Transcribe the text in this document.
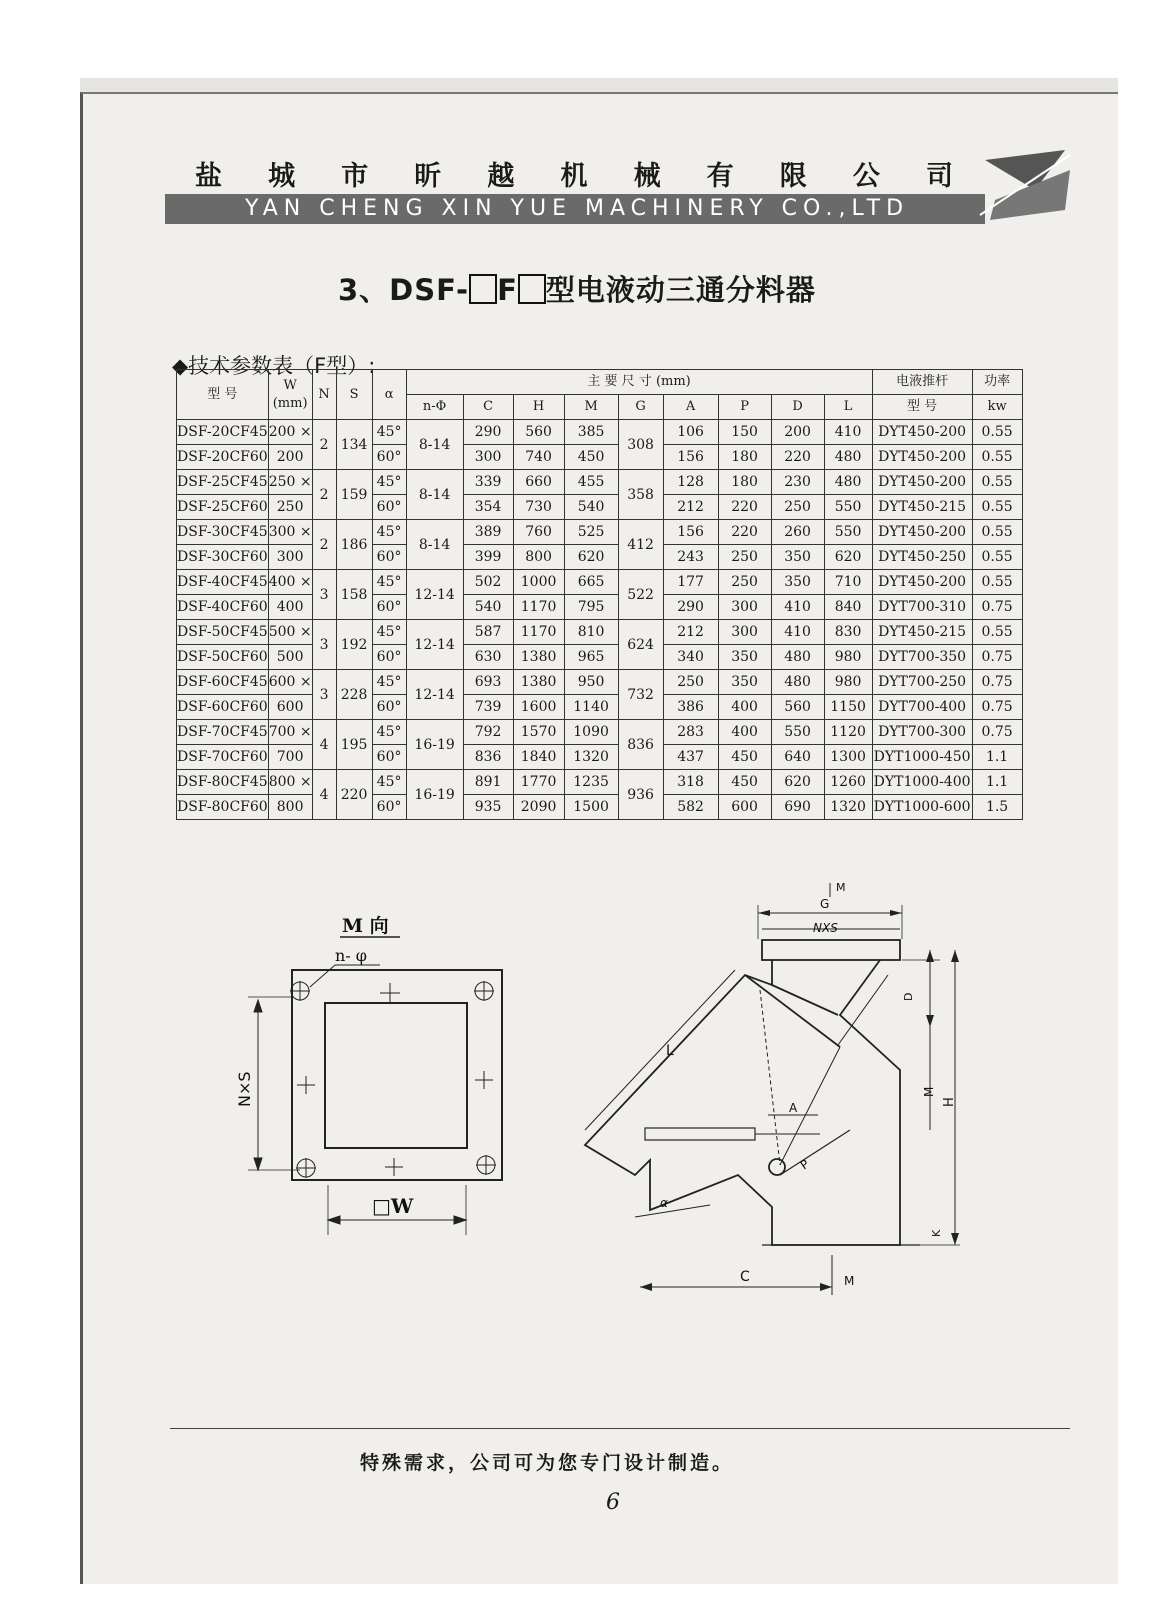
盐 城 市 昕 越 机 械 有 限 公 司
YAN CHENG XIN YUE MACHINERY CO.,LTD
3、DSF- F 型电液动三通分料器
◆技术参数表（F型）:
型 号	W
(mm)	N	S	α	主 要 尺 寸 (mm)									电液推杆	功率
					n-Φ	C	H	M	G	A	P	D	L	型 号	kw
DSF-20CF45	200 ×	2	134	45°	8-14	290	560	385	308	106	150	200	410	DYT450-200	0.55
DSF-20CF60	200			60°		300	740	450		156	180	220	480	DYT450-200	0.55
DSF-25CF45	250 ×	2	159	45°	8-14	339	660	455	358	128	180	230	480	DYT450-200	0.55
DSF-25CF60	250			60°		354	730	540		212	220	250	550	DYT450-215	0.55
DSF-30CF45	300 ×	2	186	45°	8-14	389	760	525	412	156	220	260	550	DYT450-200	0.55
DSF-30CF60	300			60°		399	800	620		243	250	350	620	DYT450-250	0.55
DSF-40CF45	400 ×	3	158	45°	12-14	502	1000	665	522	177	250	350	710	DYT450-200	0.55
DSF-40CF60	400			60°		540	1170	795		290	300	410	840	DYT700-310	0.75
DSF-50CF45	500 ×	3	192	45°	12-14	587	1170	810	624	212	300	410	830	DYT450-215	0.55
DSF-50CF60	500			60°		630	1380	965		340	350	480	980	DYT700-350	0.75
DSF-60CF45	600 ×	3	228	45°	12-14	693	1380	950	732	250	350	480	980	DYT700-250	0.75
DSF-60CF60	600			60°		739	1600	1140		386	400	560	1150	DYT700-400	0.75
DSF-70CF45	700 ×	4	195	45°	16-19	792	1570	1090	836	283	400	550	1120	DYT700-300	0.75
DSF-70CF60	700			60°		836	1840	1320		437	450	640	1300	DYT1000-450	1.1
DSF-80CF45	800 ×	4	220	45°	16-19	891	1770	1235	936	318	450	620	1260	DYT1000-400	1.1
DSF-80CF60	800			60°		935	2090	1500		582	600	690	1320	DYT1000-600	1.5
M 向
n- φ
N×S
□W
M
G
NXS
D
M
H
K
L
A
P
α
C	M
特殊需求，公司可为您专门设计制造。
6
